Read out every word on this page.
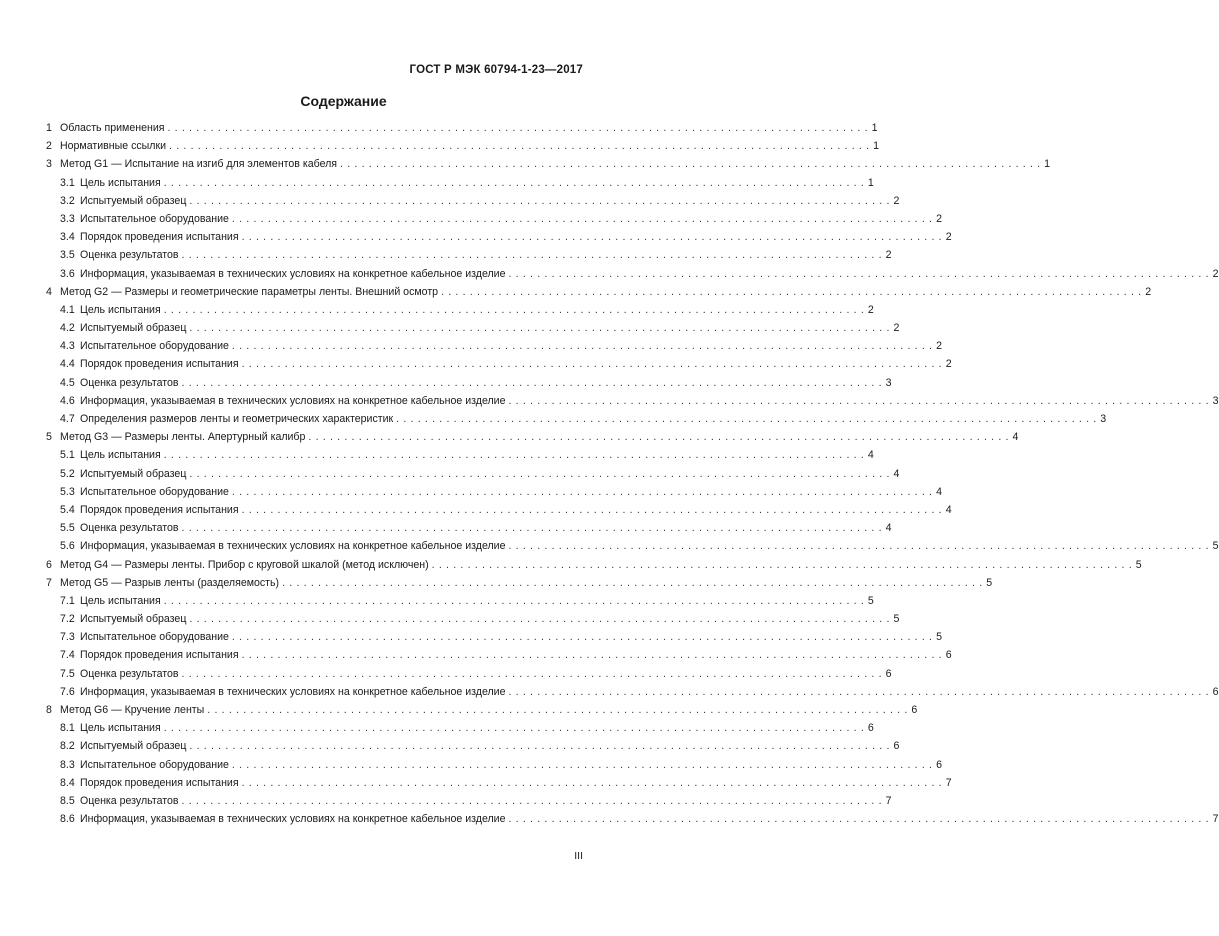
ГОСТ Р МЭК 60794-1-23—2017
Содержание
1 Область применения . . .	1
2 Нормативные ссылки . . .	1
3 Метод G1 — Испытание на изгиб для элементов кабеля . . .	1
3.1 Цель испытания . . .	1
3.2 Испытуемый образец . . .	2
3.3 Испытательное оборудование . . .	2
3.4 Порядок проведения испытания . . .	2
3.5 Оценка результатов . . .	2
3.6 Информация, указываемая в технических условиях на конкретное кабельное изделие . . .	2
4 Метод G2 — Размеры и геометрические параметры ленты. Внешний осмотр . . .	2
4.1 Цель испытания . . .	2
4.2 Испытуемый образец . . .	2
4.3 Испытательное оборудование . . .	2
4.4 Порядок проведения испытания . . .	2
4.5 Оценка результатов . . .	3
4.6 Информация, указываемая в технических условиях на конкретное кабельное изделие . . .	3
4.7 Определения размеров ленты и геометрических характеристик . . .	3
5 Метод G3 — Размеры ленты. Апертурный калибр . . .	4
5.1 Цель испытания . . .	4
5.2 Испытуемый образец . . .	4
5.3 Испытательное оборудование . . .	4
5.4 Порядок проведения испытания . . .	4
5.5 Оценка результатов . . .	4
5.6 Информация, указываемая в технических условиях на конкретное кабельное изделие . . .	5
6 Метод G4 — Размеры ленты. Прибор с круговой шкалой (метод исключен) . . .	5
7 Метод G5 — Разрыв ленты (разделяемость) . . .	5
7.1 Цель испытания . . .	5
7.2 Испытуемый образец . . .	5
7.3 Испытательное оборудование . . .	5
7.4 Порядок проведения испытания . . .	6
7.5 Оценка результатов . . .	6
7.6 Информация, указываемая в технических условиях на конкретное кабельное изделие . . .	6
8 Метод G6 — Кручение ленты . . .	6
8.1 Цель испытания . . .	6
8.2 Испытуемый образец . . .	6
8.3 Испытательное оборудование . . .	6
8.4 Порядок проведения испытания . . .	7
8.5 Оценка результатов . . .	7
8.6 Информация, указываемая в технических условиях на конкретное кабельное изделие . . .	7
III
